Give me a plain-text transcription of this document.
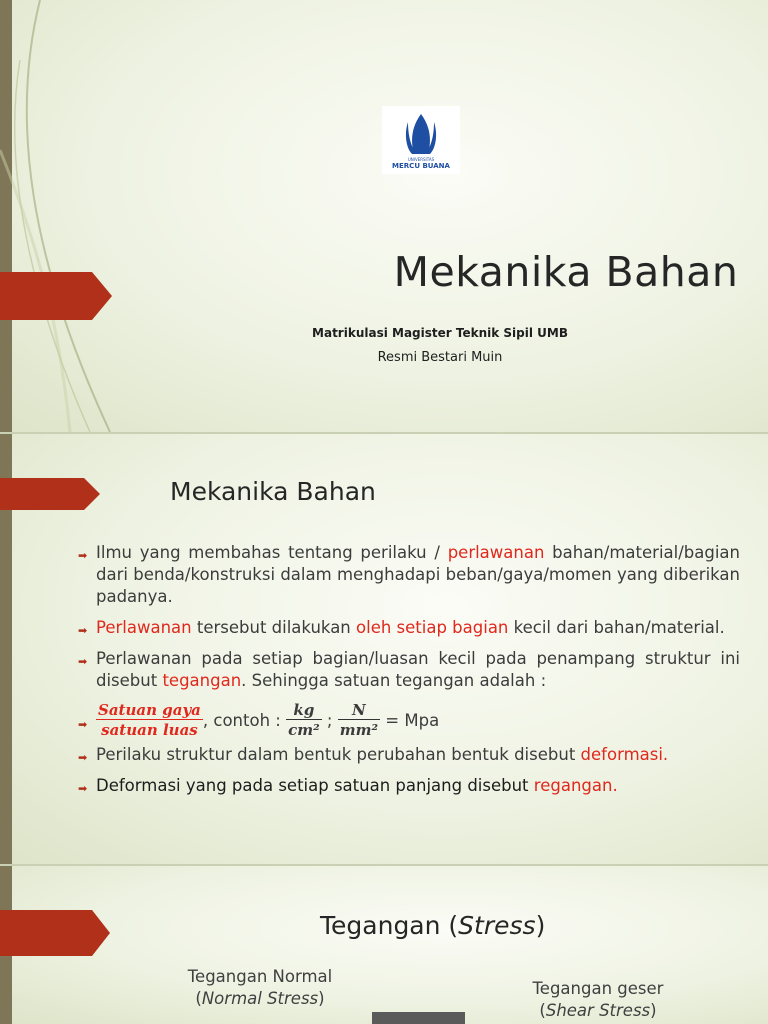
UNIVERSITAS
MERCU BUANA
Mekanika Bahan
Matrikulasi Magister Teknik Sipil UMB
Resmi Bestari Muin
Mekanika Bahan
➡ Ilmu yang membahas tentang perilaku / perlawanan bahan/material/bagian dari benda/konstruksi dalam menghadapi beban/gaya/momen yang diberikan padanya.
➡ Perlawanan tersebut dilakukan oleh setiap bagian kecil dari bahan/material.
➡ Perlawanan pada setiap bagian/luasan kecil pada penampang struktur ini disebut tegangan. Sehingga satuan tegangan adalah :
➡ $\frac{\text{Satuan gaya}}{\text{satuan luas}}$ , contoh : $\frac{kg}{\text{cm²}}$ ; $\frac{N}{\text{mm²}}$ = Mpa
➡ Perilaku struktur dalam bentuk perubahan bentuk disebut deformasi.
➡ Deformasi yang pada setiap satuan panjang disebut regangan.
Tegangan (Stress)
Tegangan Normal
(Normal Stress)
Tegangan geser
(Shear Stress)
